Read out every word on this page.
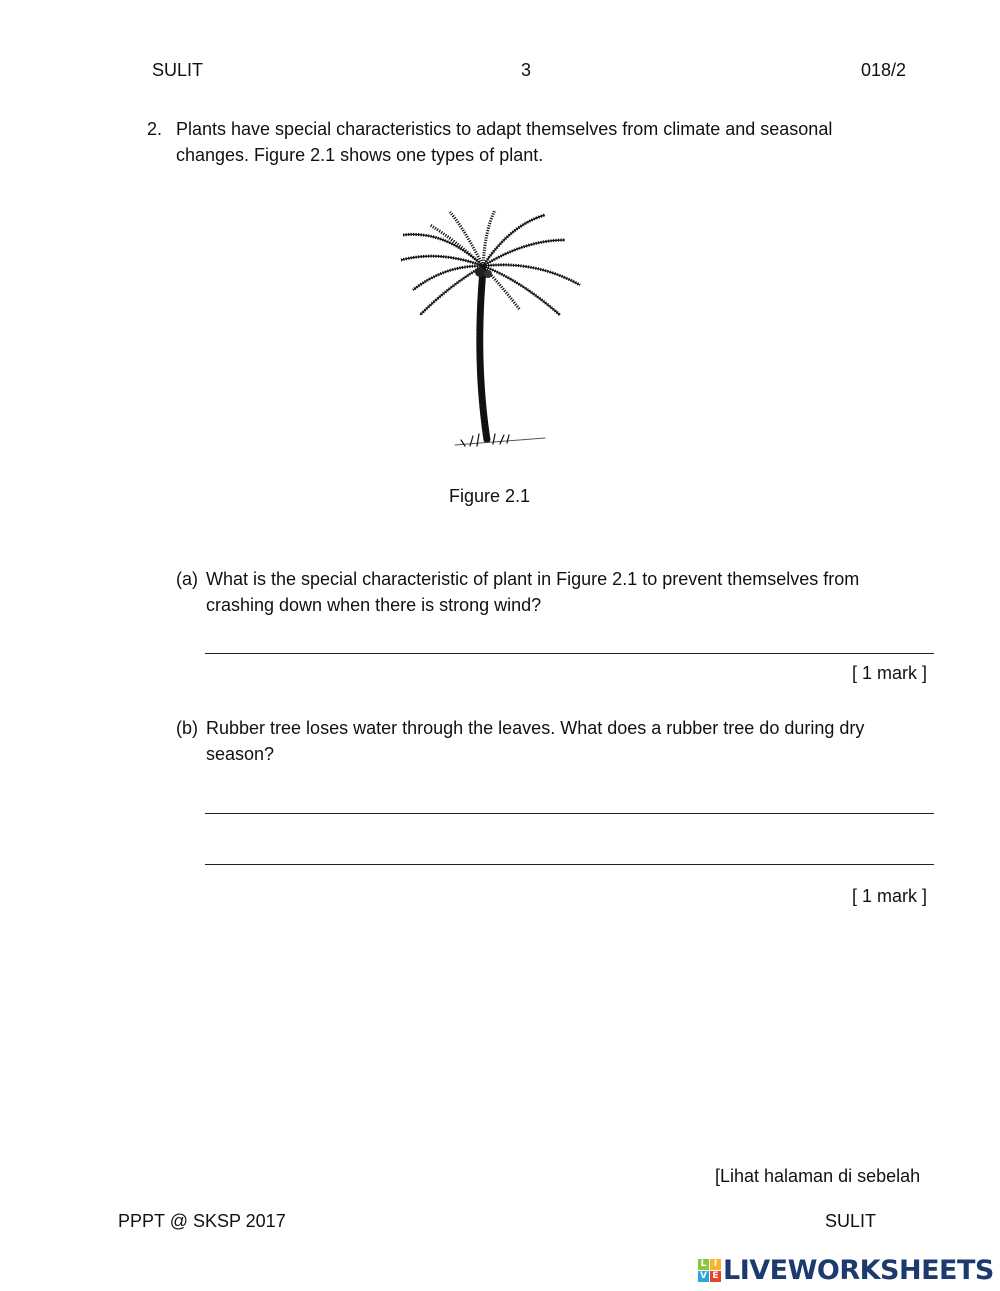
SULIT	3	018/2
2. Plants have special characteristics to adapt themselves from climate and seasonal
changes. Figure 2.1 shows one types of plant.
Figure 2.1
(a) What is the special characteristic of plant in Figure 2.1 to prevent themselves from
crashing down when there is strong wind?
[ 1 mark ]
(b) Rubber tree loses water through the leaves. What does a rubber tree do during dry
season?
[ 1 mark ]
[Lihat halaman di sebelah
PPPT @ SKSP 2017	SULIT
L I
V E LIVEWORKSHEETS
